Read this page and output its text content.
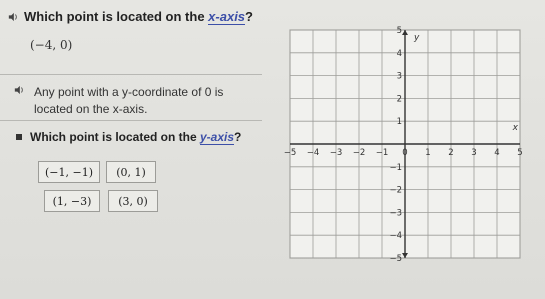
Which point is located on the x-axis?
(−4, 0)
Any point with a y-coordinate of 0 is
located on the x-axis.
Which point is located on the y-axis?
(−1, −1)	(0, 1)
(1, −3)	(3, 0)
x
y
−5 −4 −3 −2 −1 0 1 2 3 4 5
5
4
3
2
1
−1
−2
−3
−4
−5
